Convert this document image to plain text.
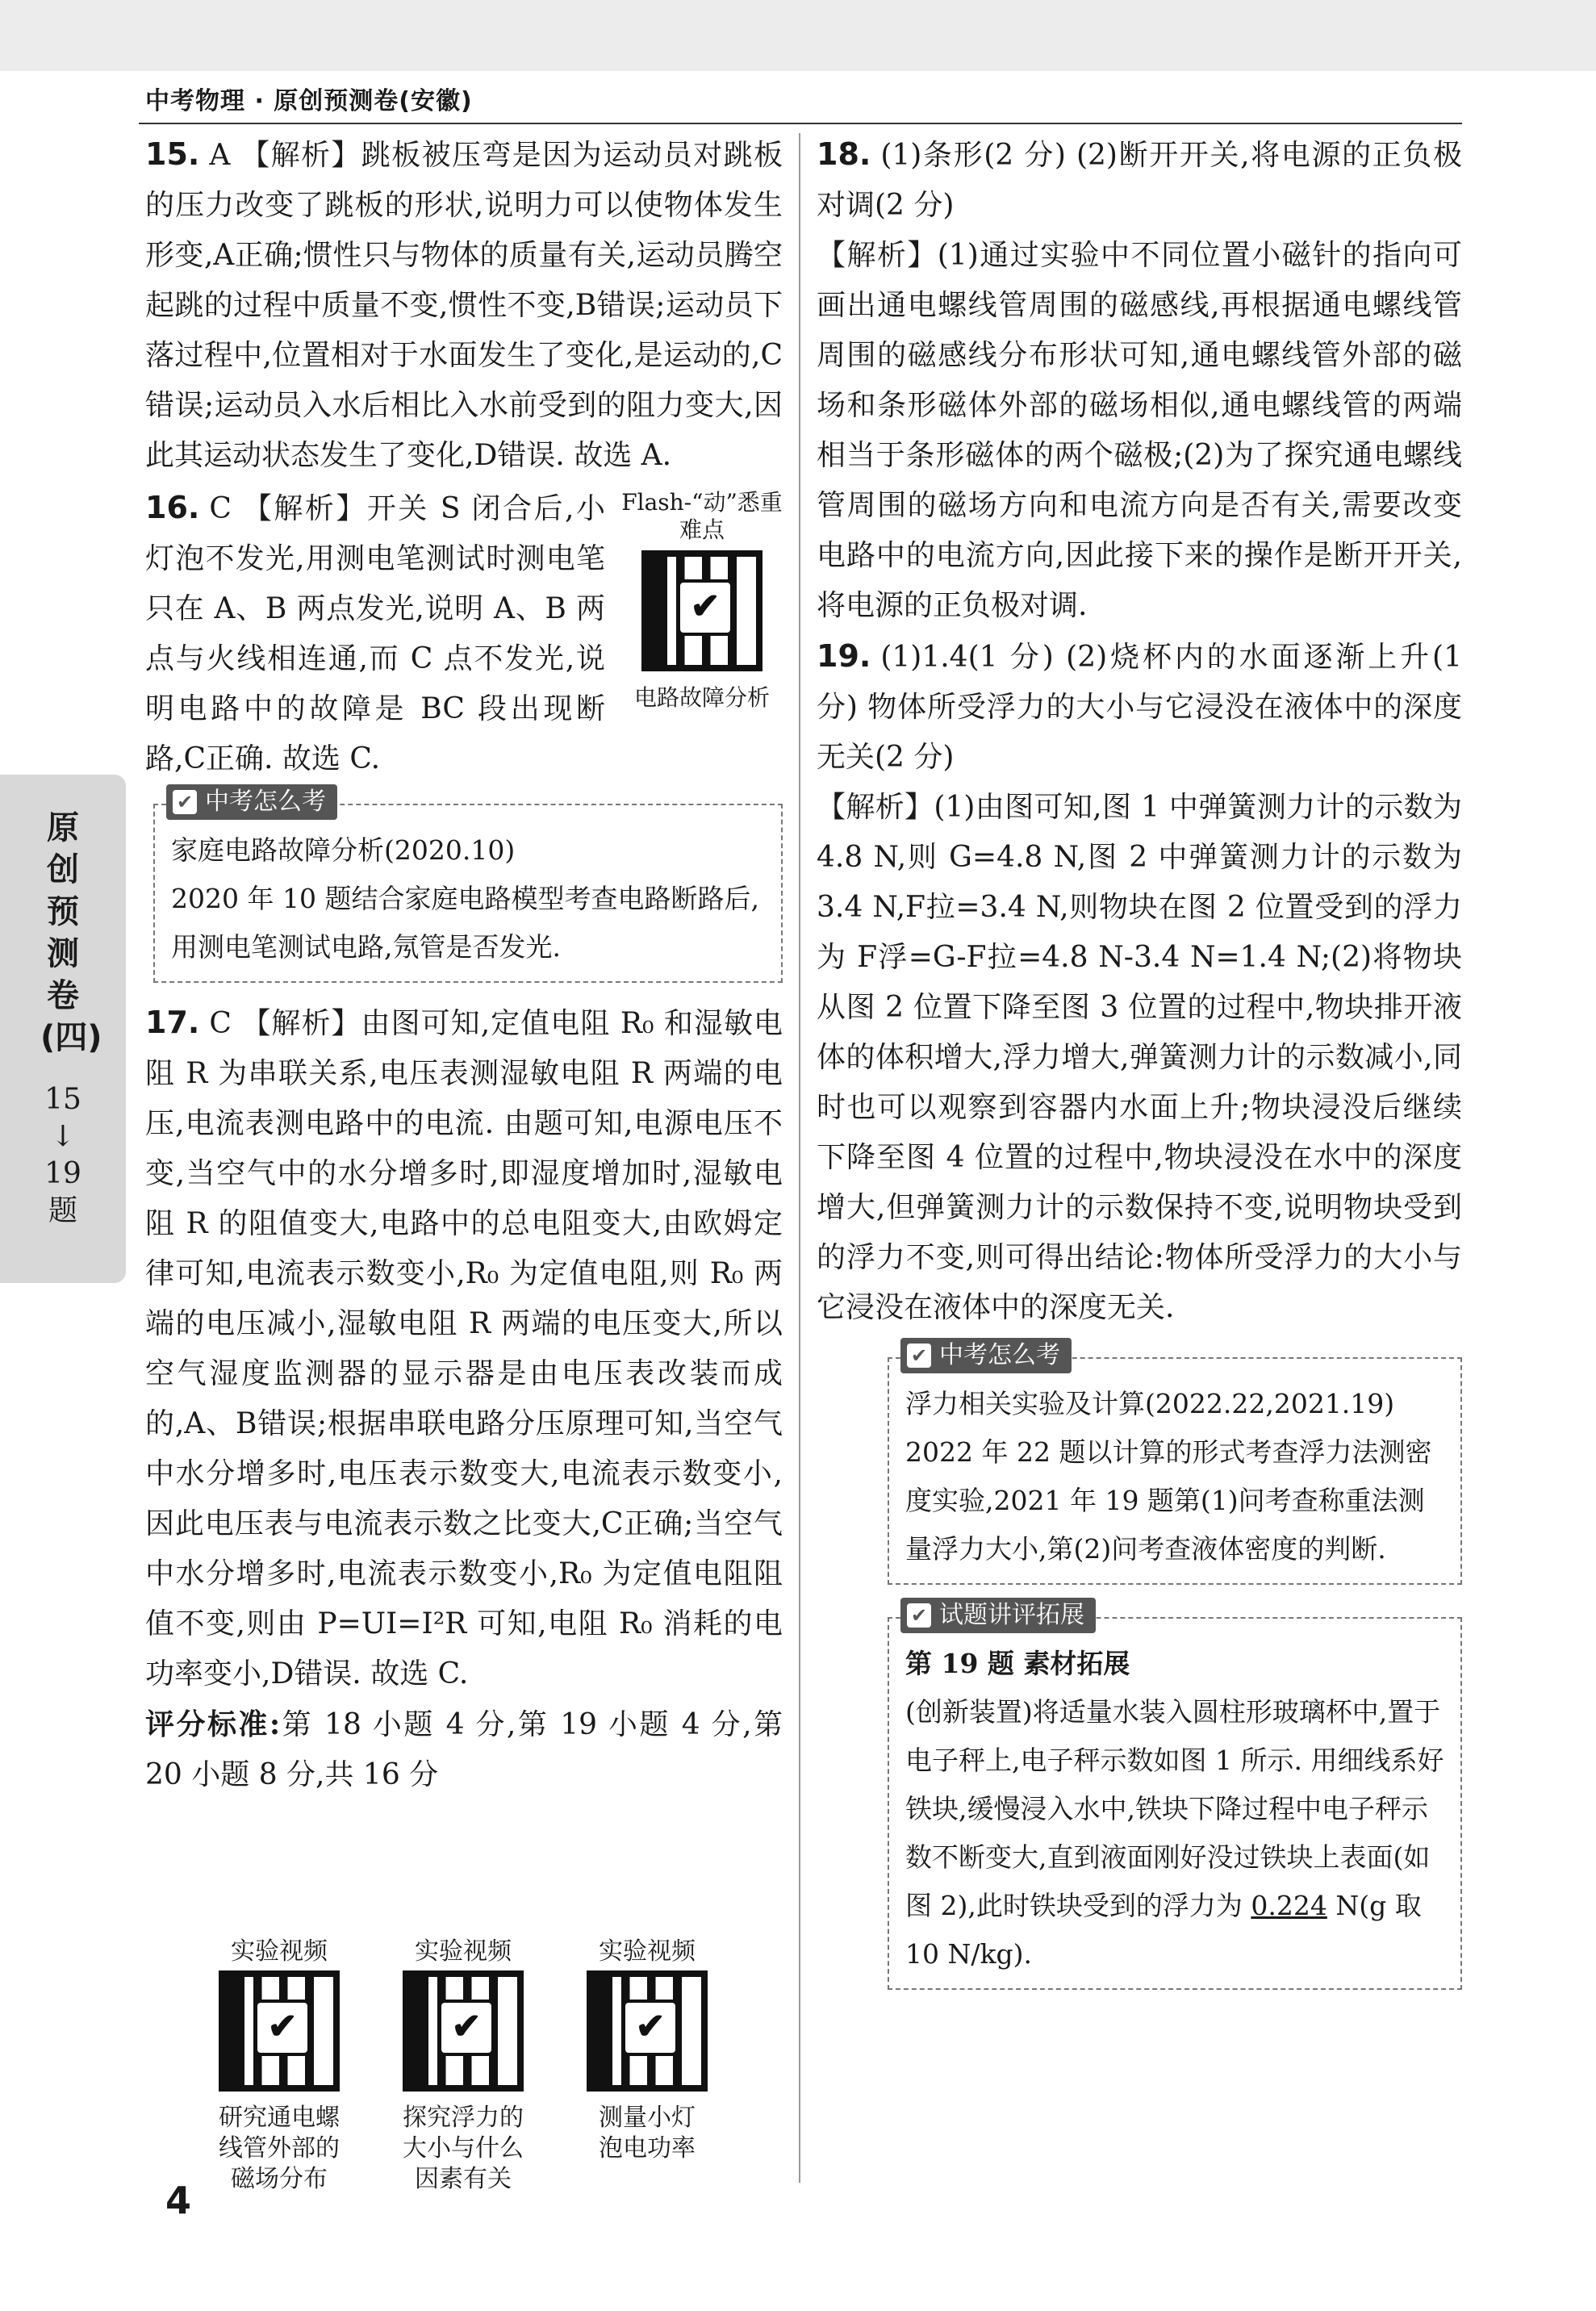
中考物理 · 原创预测卷(安徽)
原创预测卷(四)
15 ↓ 19 题

15. A 【解析】跳板被压弯是因为运动员对跳板的压力改变了跳板的形状,说明力可以使物体发生形变,A正确;惯性只与物体的质量有关,运动员腾空起跳的过程中质量不变,惯性不变,B错误;运动员下落过程中,位置相对于水面发生了变化,是运动的,C错误;运动员入水后相比入水前受到的阻力变大,因此其运动状态发生了变化,D错误. 故选 A.

16. C 【解析】开关 S 闭合后,小灯泡不发光,用测电笔测试时测电笔只在 A、B 两点发光,说明 A、B 两点与火线相连通,而 C 点不发光,说明电路中的故障是 BC 段出现断路,C正确. 故选 C.

Flash-“动”悉重难点
✔
电路故障分析
✔ 中考怎么考
家庭电路故障分析(2020.10)
2020 年 10 题结合家庭电路模型考查电路断路后,用测电笔测试电路,氖管是否发光.

17. C 【解析】由图可知,定值电阻 R₀ 和湿敏电阻 R 为串联关系,电压表测湿敏电阻 R 两端的电压,电流表测电路中的电流. 由题可知,电源电压不变,当空气中的水分增多时,即湿度增加时,湿敏电阻 R 的阻值变大,电路中的总电阻变大,由欧姆定律可知,电流表示数变小,R₀ 为定值电阻,则 R₀ 两端的电压减小,湿敏电阻 R 两端的电压变大,所以空气湿度监测器的显示器是由电压表改装而成的,A、B错误;根据串联电路分压原理可知,当空气中水分增多时,电压表示数变大,电流表示数变小,因此电压表与电流表示数之比变大,C正确;当空气中水分增多时,电流表示数变小,R₀ 为定值电阻阻值不变,则由 P=UI=I²R 可知,电阻 R₀ 消耗的电功率变小,D错误. 故选 C.

评分标准:第 18 小题 4 分,第 19 小题 4 分,第 20 小题 8 分,共 16 分

实验视频
✔
研究通电螺线管外部的磁场分布
实验视频
✔
探究浮力的大小与什么因素有关
实验视频
✔
测量小灯泡电功率

18. (1)条形(2 分) (2)断开开关,将电源的正负极对调(2 分)

【解析】(1)通过实验中不同位置小磁针的指向可画出通电螺线管周围的磁感线,再根据通电螺线管周围的磁感线分布形状可知,通电螺线管外部的磁场和条形磁体外部的磁场相似,通电螺线管的两端相当于条形磁体的两个磁极;(2)为了探究通电螺线管周围的磁场方向和电流方向是否有关,需要改变电路中的电流方向,因此接下来的操作是断开开关,将电源的正负极对调.

19. (1)1.4(1 分) (2)烧杯内的水面逐渐上升(1 分) 物体所受浮力的大小与它浸没在液体中的深度无关(2 分)

【解析】(1)由图可知,图 1 中弹簧测力计的示数为 4.8 N,则 G=4.8 N,图 2 中弹簧测力计的示数为 3.4 N,F拉=3.4 N,则物块在图 2 位置受到的浮力为 F浮=G-F拉=4.8 N-3.4 N=1.4 N;(2)将物块从图 2 位置下降至图 3 位置的过程中,物块排开液体的体积增大,浮力增大,弹簧测力计的示数减小,同时也可以观察到容器内水面上升;物块浸没后继续下降至图 4 位置的过程中,物块浸没在水中的深度增大,但弹簧测力计的示数保持不变,说明物块受到的浮力不变,则可得出结论:物体所受浮力的大小与它浸没在液体中的深度无关.

✔ 中考怎么考
浮力相关实验及计算(2022.22,2021.19)
2022 年 22 题以计算的形式考查浮力法测密度实验,2021 年 19 题第(1)问考查称重法测量浮力大小,第(2)问考查液体密度的判断.
✔ 试题讲评拓展
第 19 题 素材拓展
(创新装置)将适量水装入圆柱形玻璃杯中,置于电子秤上,电子秤示数如图 1 所示. 用细线系好铁块,缓慢浸入水中,铁块下降过程中电子秤示数不断变大,直到液面刚好没过铁块上表面(如图 2),此时铁块受到的浮力为 0.224 N(g 取 10 N/kg).
4
